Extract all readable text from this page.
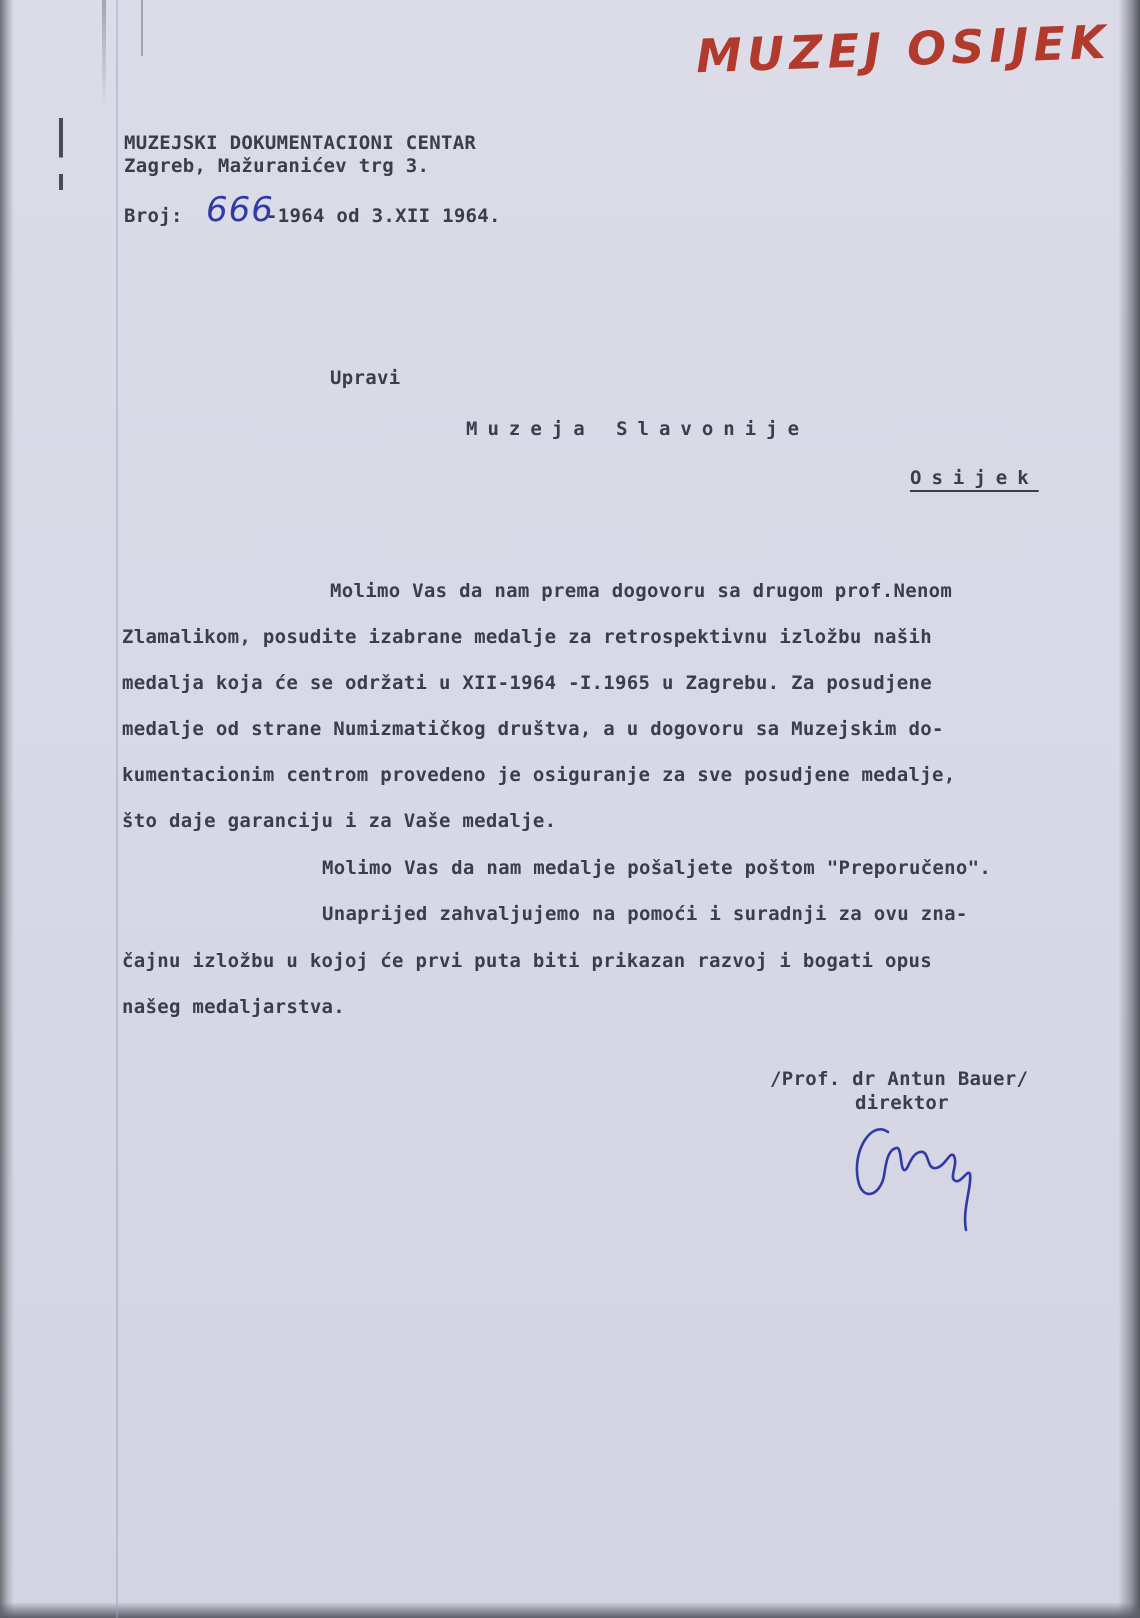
MUZEJ OSIJEK
MUZEJSKI DOKUMENTACIONI CENTAR
Zagreb, Mažuranićev trg 3.
Broj: 666
-1964 od 3.XII 1964.
Upravi
Muzeja Slavonije
Osijek
Molimo Vas da nam prema dogovoru sa drugom prof.Nenom
Zlamalikom, posudite izabrane medalje za retrospektivnu izložbu naših
medalja koja će se održati u XII-1964 -I.1965 u Zagrebu. Za posudjene
medalje od strane Numizmatičkog društva, a u dogovoru sa Muzejskim do-
kumentacionim centrom provedeno je osiguranje za sve posudjene medalje,
što daje garanciju i za Vaše medalje.
Molimo Vas da nam medalje pošaljete poštom "Preporučeno".
Unaprijed zahvaljujemo na pomoći i suradnji za ovu zna-
čajnu izložbu u kojoj će prvi puta biti prikazan razvoj i bogati opus
našeg medaljarstva.
/Prof. dr Antun Bauer/
direktor
